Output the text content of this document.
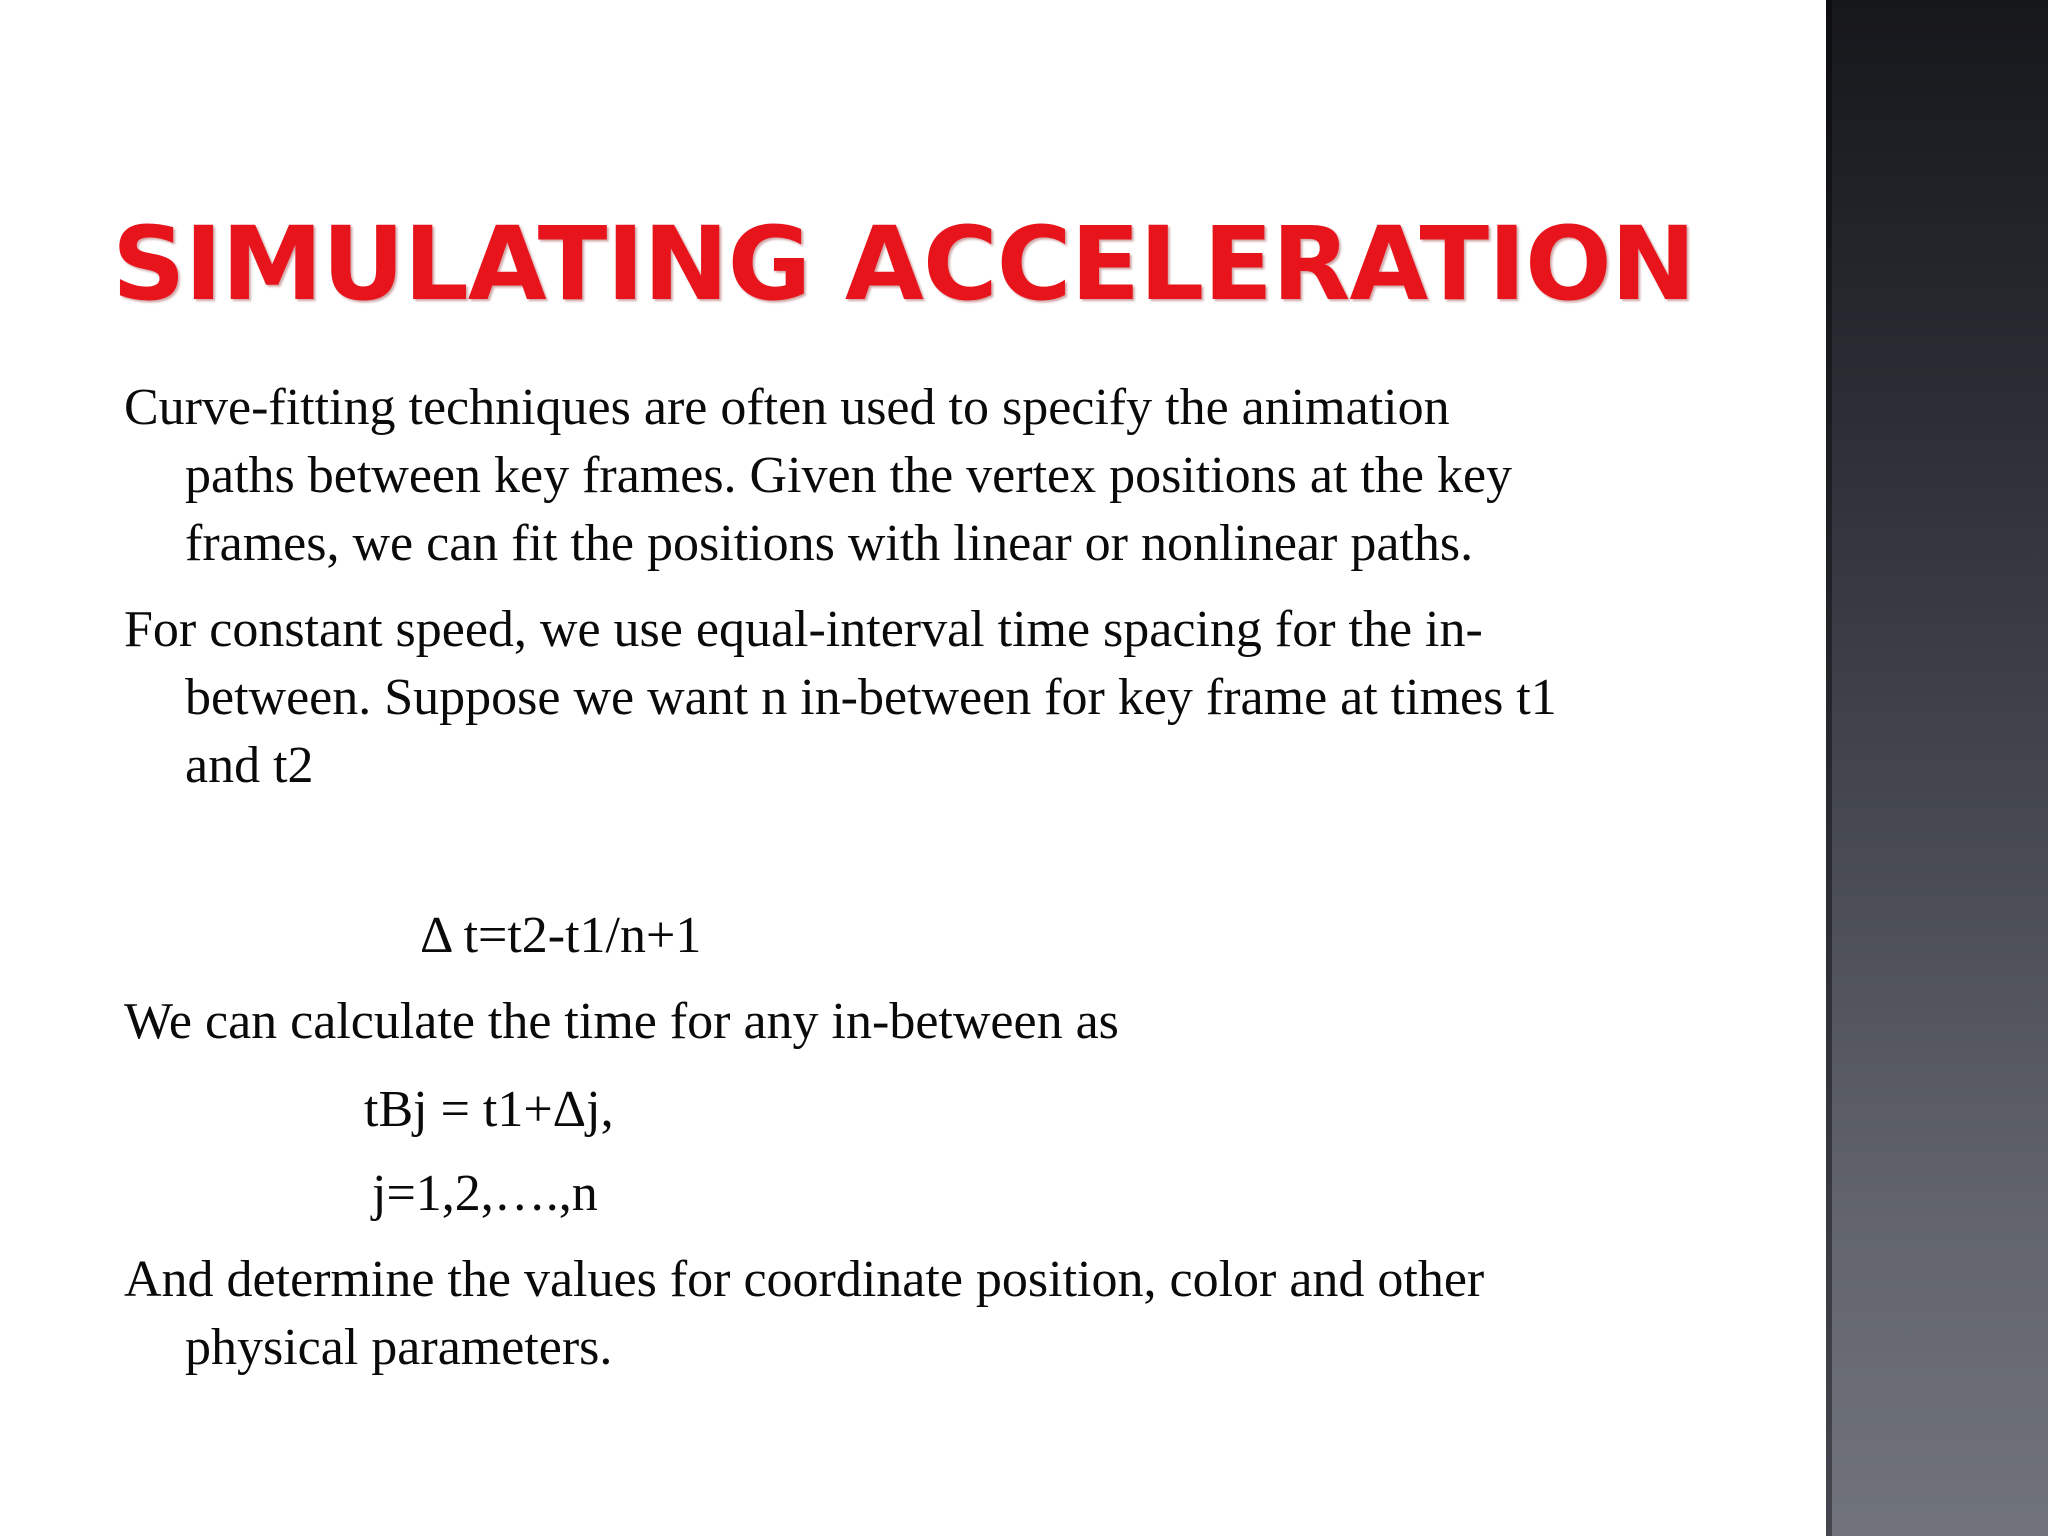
SIMULATING ACCELERATION

Curve-fitting techniques are often used to specify the animation
paths between key frames. Given the vertex positions at the key
frames, we can fit the positions with linear or nonlinear paths.

For constant speed, we use equal-interval time spacing for the in-
between. Suppose we want n in-between for key frame at times t1
and t2

Δ t=t2-t1/n+1

We can calculate the time for any in-between as

tBj = t1+Δj,

j=1,2,….,n

And determine the values for coordinate position, color and other
physical parameters.
